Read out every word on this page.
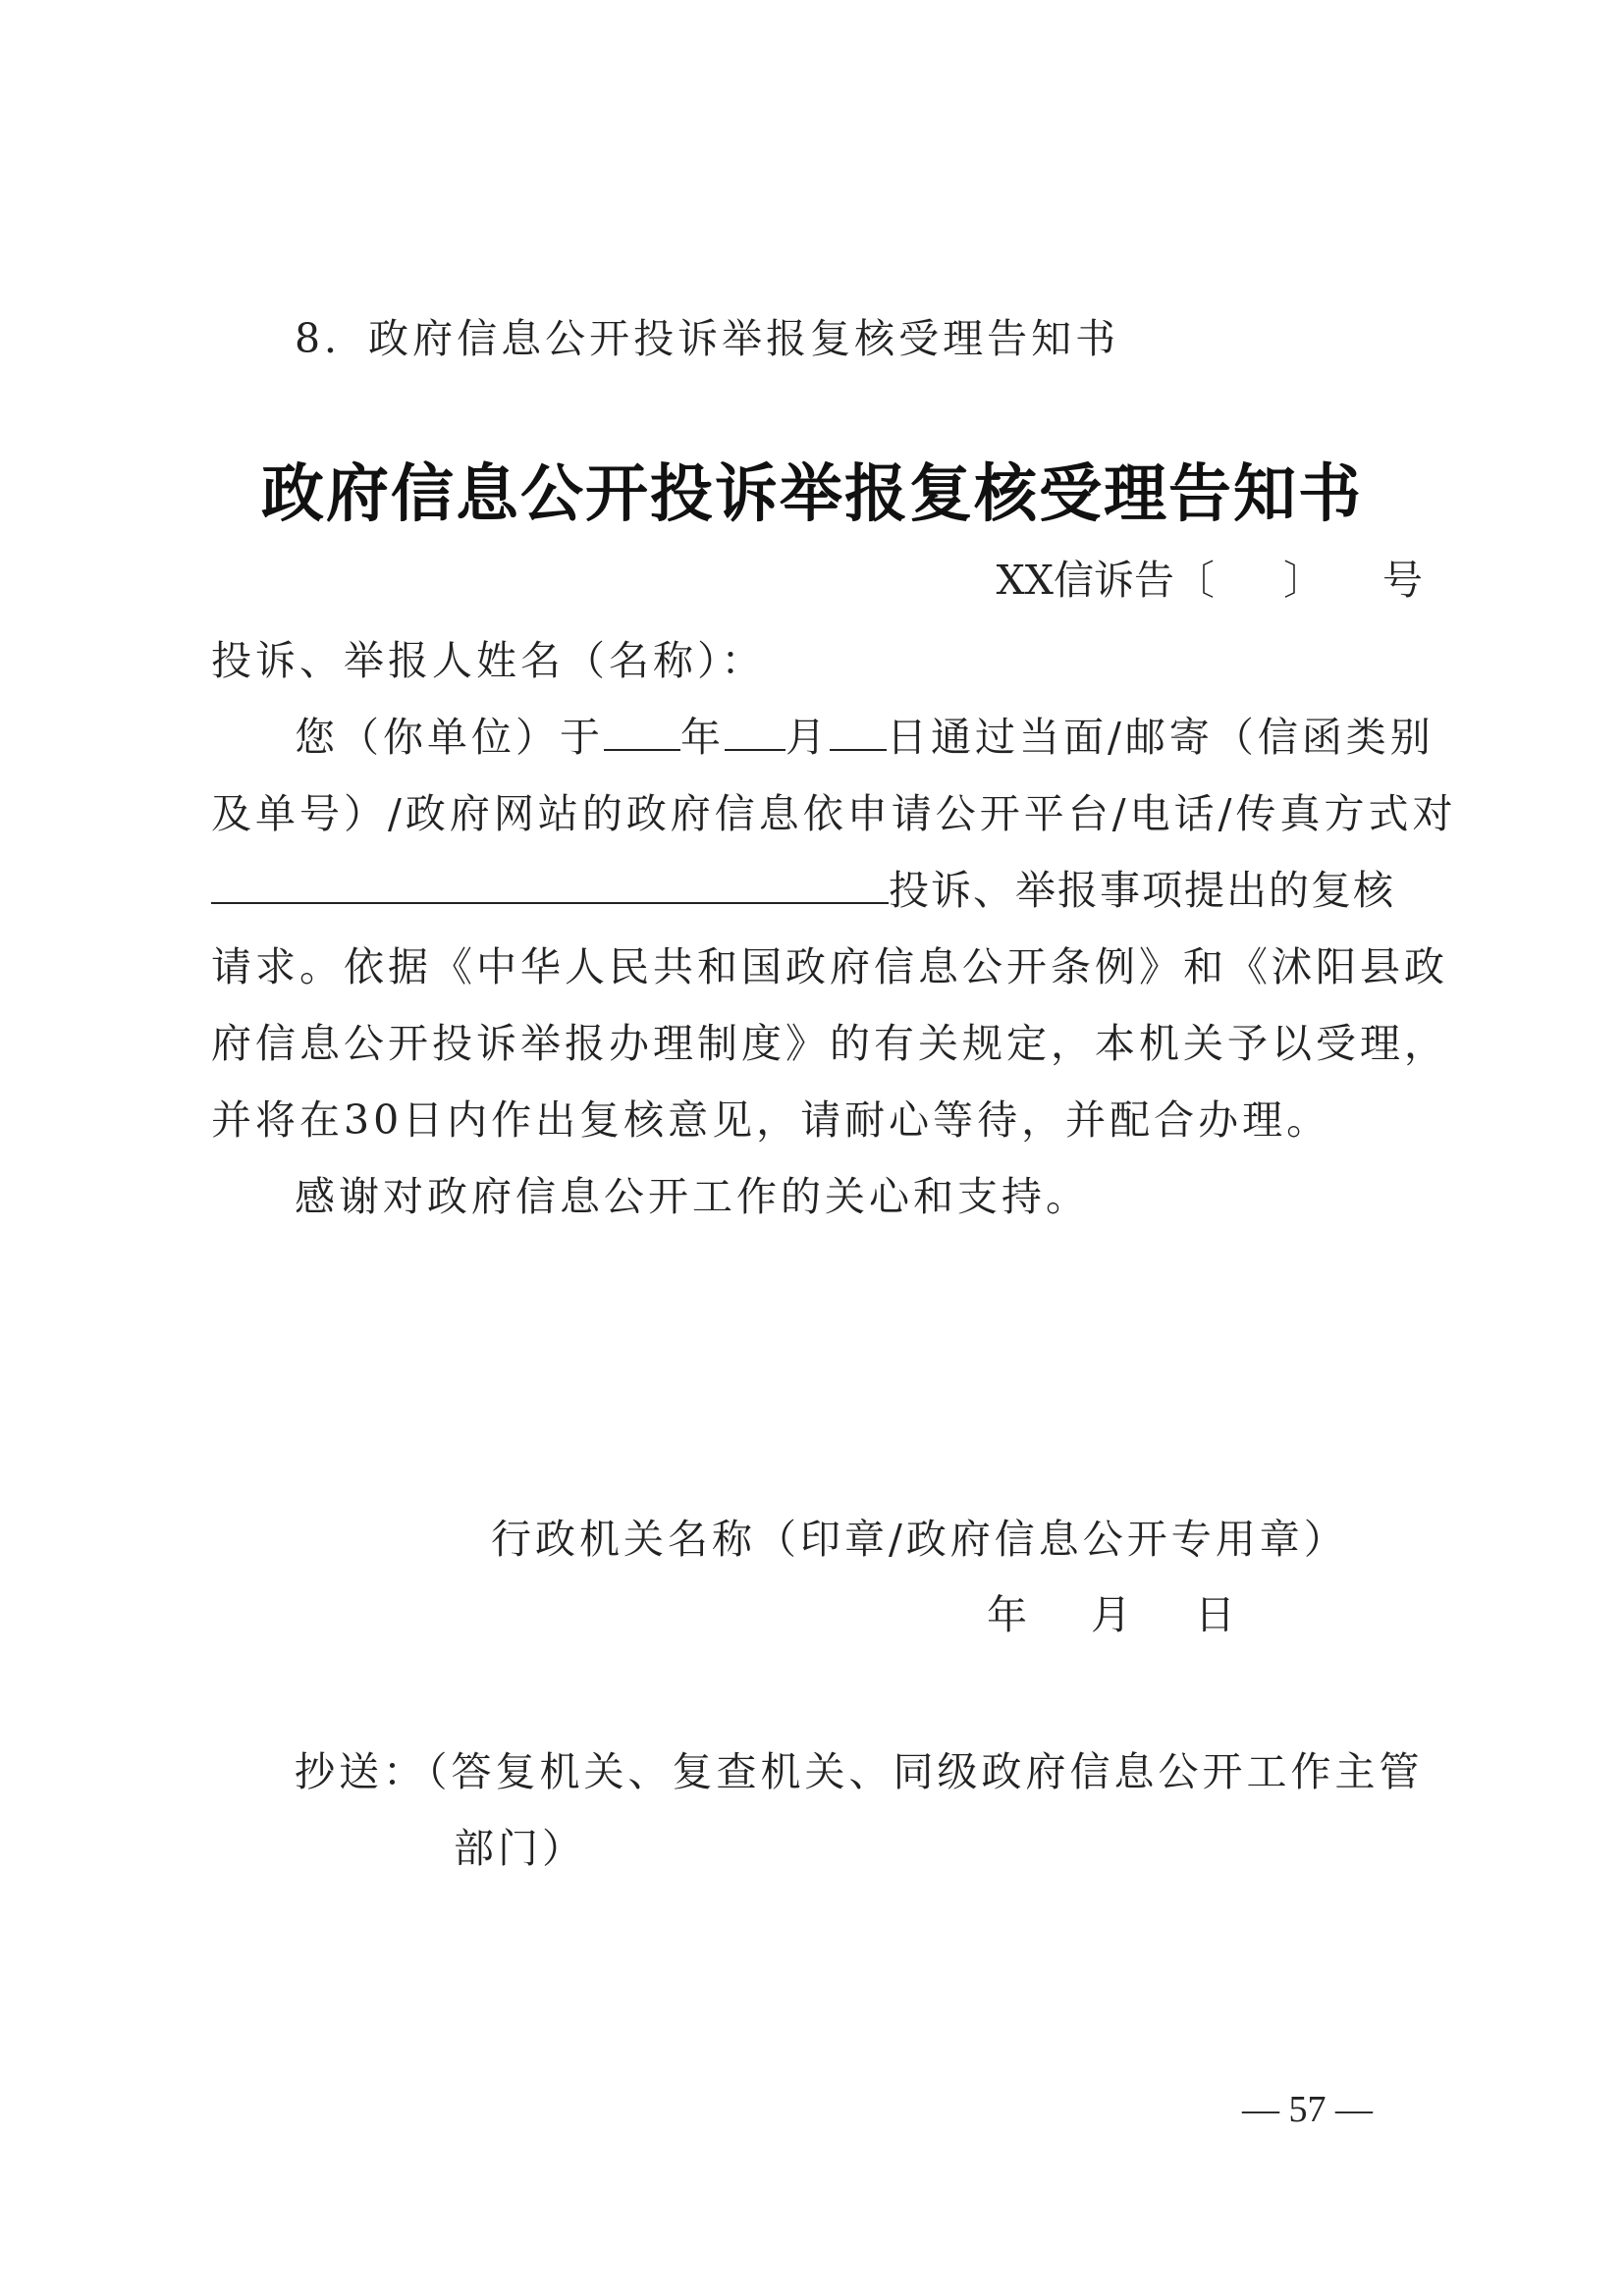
8．政府信息公开投诉举报复核受理告知书
政府信息公开投诉举报复核受理告知书
XX信诉告〔 〕 号
投诉、举报人姓名（名称）：
您（你单位）于 年 月 日通过当面/邮寄（信函类别
及单号）/政府网站的政府信息依申请公开平台/电话/传真方式对
投诉、举报事项提出的复核
请求。依据《中华人民共和国政府信息公开条例》和《沭阳县政
府信息公开投诉举报办理制度》的有关规定，本机关予以受理，
并将在30日内作出复核意见，请耐心等待，并配合办理。
感谢对政府信息公开工作的关心和支持。
行政机关名称（印章/政府信息公开专用章）
年 月 日
抄送：（答复机关、复查机关、同级政府信息公开工作主管
部门）
— 57 —
